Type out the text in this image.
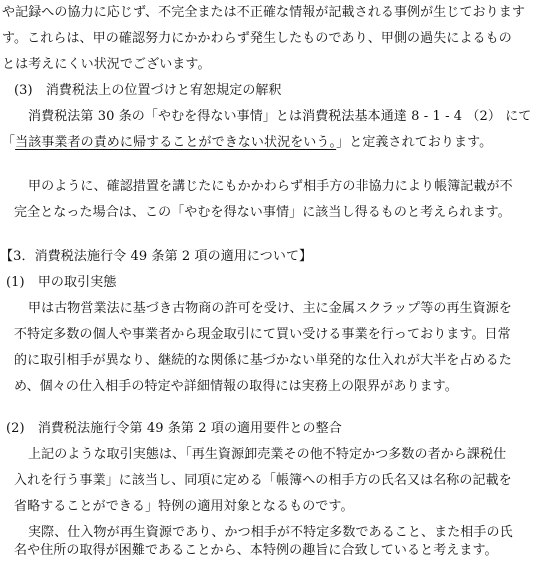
や記録への協力に応じず、不完全または不正確な情報が記載される事例が生じております
す。これらは、甲の確認努力にかかわらず発生したものであり、甲側の過失によるもの
とは考えにくい状況でございます。
(3)　消費税法上の位置づけと宥恕規定の解釈
消費税法第 30 条の「やむを得ない事情」とは消費税法基本通達 8 - 1 - 4 （2） にて
「当該事業者の責めに帰することができない状況をいう。」と定義されております。
甲のように、確認措置を講じたにもかかわらず相手方の非協力により帳簿記載が不
完全となった場合は、この「やむを得ない事情」に該当し得るものと考えられます。
【3．消費税法施行令 49 条第 2 項の適用について】
(1)　甲の取引実態
甲は古物営業法に基づき古物商の許可を受け、主に金属スクラップ等の再生資源を
不特定多数の個人や事業者から現金取引にて買い受ける事業を行っております。日常
的に取引相手が異なり、継続的な関係に基づかない単発的な仕入れが大半を占めるた
め、個々の仕入相手の特定や詳細情報の取得には実務上の限界があります。
(2)　消費税法施行令第 49 条第 2 項の適用要件との整合
上記のような取引実態は、「再生資源卸売業その他不特定かつ多数の者から課税仕
入れを行う事業」に該当し、同項に定める「帳簿への相手方の氏名又は名称の記載を
省略することができる」特例の適用対象となるものです。
実際、仕入物が再生資源であり、かつ相手が不特定多数であること、また相手の氏
名や住所の取得が困難であることから、本特例の趣旨に合致していると考えます。
